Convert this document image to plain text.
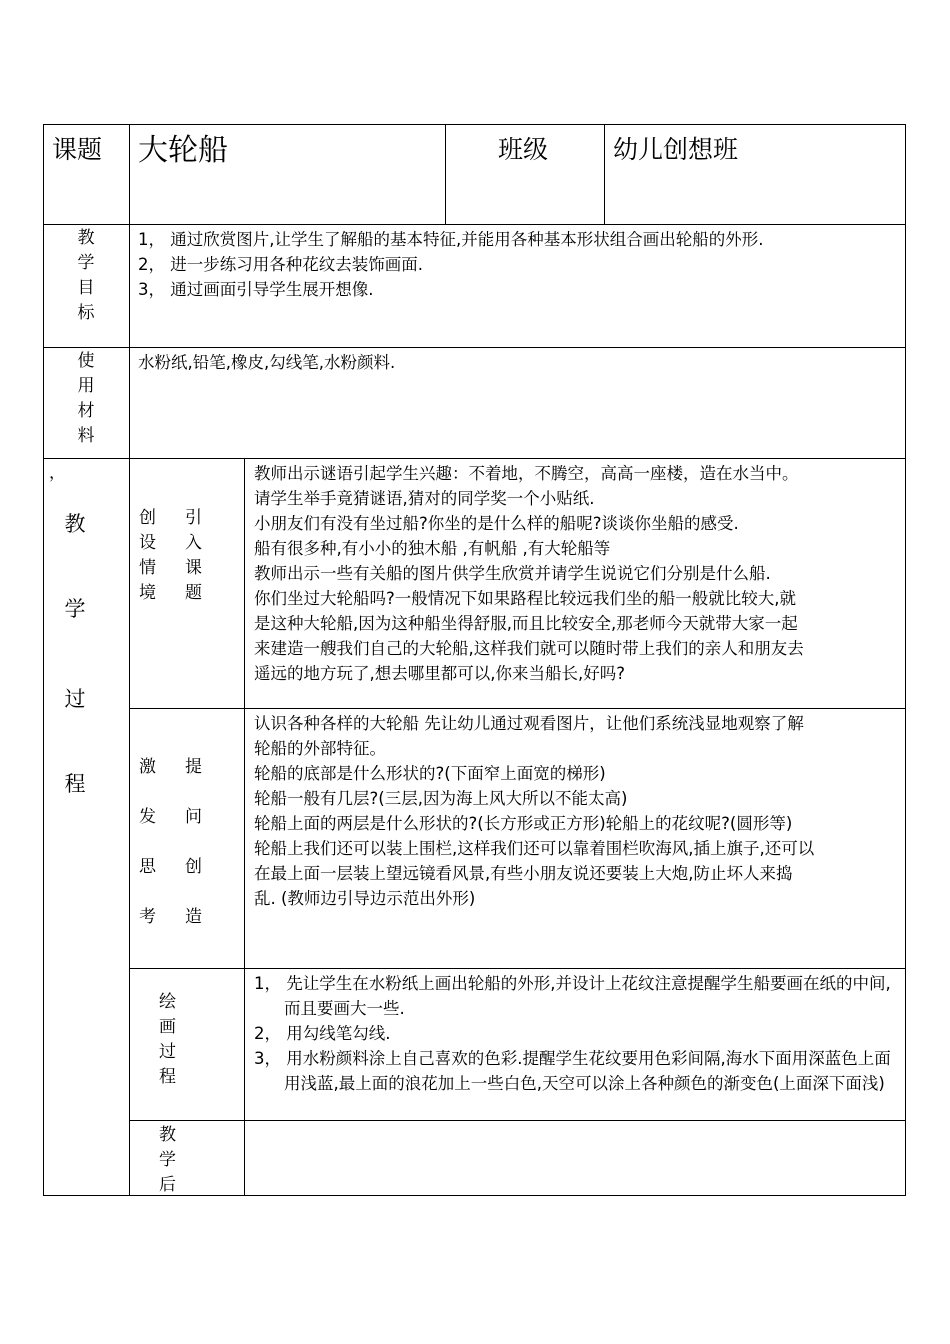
课题 大轮船	班级	幼儿创想班
教
学
目
标
1， 通过欣赏图片,让学生了解船的基本特征,并能用各种基本形状组合画出轮船的外形.
2， 进一步练习用各种花纹去装饰画面.
3， 通过画面引导学生展开想像.
使
用
材
料
水粉纸,铅笔,橡皮,勾线笔,水粉颜料.
，
教
学
过
程
创 引
设 入
情 课
境 题
教师出示谜语引起学生兴趣：不着地，不腾空，高高一座楼，造在水当中。
请学生举手竟猜谜语,猜对的同学奖一个小贴纸.
小朋友们有没有坐过船?你坐的是什么样的船呢?谈谈你坐船的感受.
船有很多种,有小小的独木船 ,有帆船 ,有大轮船等
教师出示一些有关船的图片供学生欣赏并请学生说说它们分别是什么船.
你们坐过大轮船吗?一般情况下如果路程比较远我们坐的船一般就比较大,就
是这种大轮船,因为这种船坐得舒服,而且比较安全,那老师今天就带大家一起
来建造一艘我们自己的大轮船,这样我们就可以随时带上我们的亲人和朋友去
遥远的地方玩了,想去哪里都可以,你来当船长,好吗?
激 提
发 问
思 创
考 造
认识各种各样的大轮船 先让幼儿通过观看图片，让他们系统浅显地观察了解
轮船的外部特征。
轮船的底部是什么形状的?(下面窄上面宽的梯形)
轮船一般有几层?(三层,因为海上风大所以不能太高)
轮船上面的两层是什么形状的?(长方形或正方形)轮船上的花纹呢?(圆形等)
轮船上我们还可以装上围栏,这样我们还可以靠着围栏吹海风,插上旗子,还可以
在最上面一层装上望远镜看风景,有些小朋友说还要装上大炮,防止坏人来捣
乱. (教师边引导边示范出外形)
绘
画
过
程
1， 先让学生在水粉纸上画出轮船的外形,并设计上花纹注意提醒学生船要画在纸的中间,而且要画大一些.
2， 用勾线笔勾线.
3， 用水粉颜料涂上自己喜欢的色彩.提醒学生花纹要用色彩间隔,海水下面用深蓝色上面用浅蓝,最上面的浪花加上一些白色,天空可以涂上各种颜色的渐变色(上面深下面浅)
教
学
后
